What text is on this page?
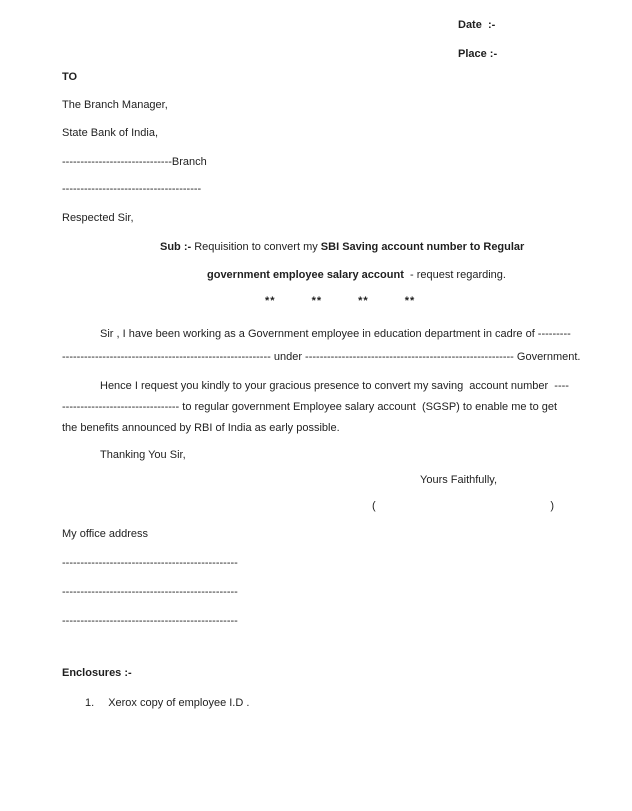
Date  :-
Place :-
TO
The Branch Manager,
State Bank of India,
------------------------------Branch
--------------------------------------
Respected Sir,
Sub :- Requisition to convert my SBI Saving account number to Regular
government employee salary account  - request regarding.
**	**	**	**
Sir , I have been working as a Government employee in education department in cadre of ---------
--------------------------------------------------------- under --------------------------------------------------------- Government.
Hence I request you kindly to your gracious presence to convert my saving  account number  ----
-------------------------------- to regular government Employee salary account  (SGSP) to enable me to get
the benefits announced by RBI of India as early possible.
Thanking You Sir,
Yours Faithfully,
(	)
My office address
------------------------------------------------
------------------------------------------------
------------------------------------------------
Enclosures :-
1. Xerox copy of employee I.D .
